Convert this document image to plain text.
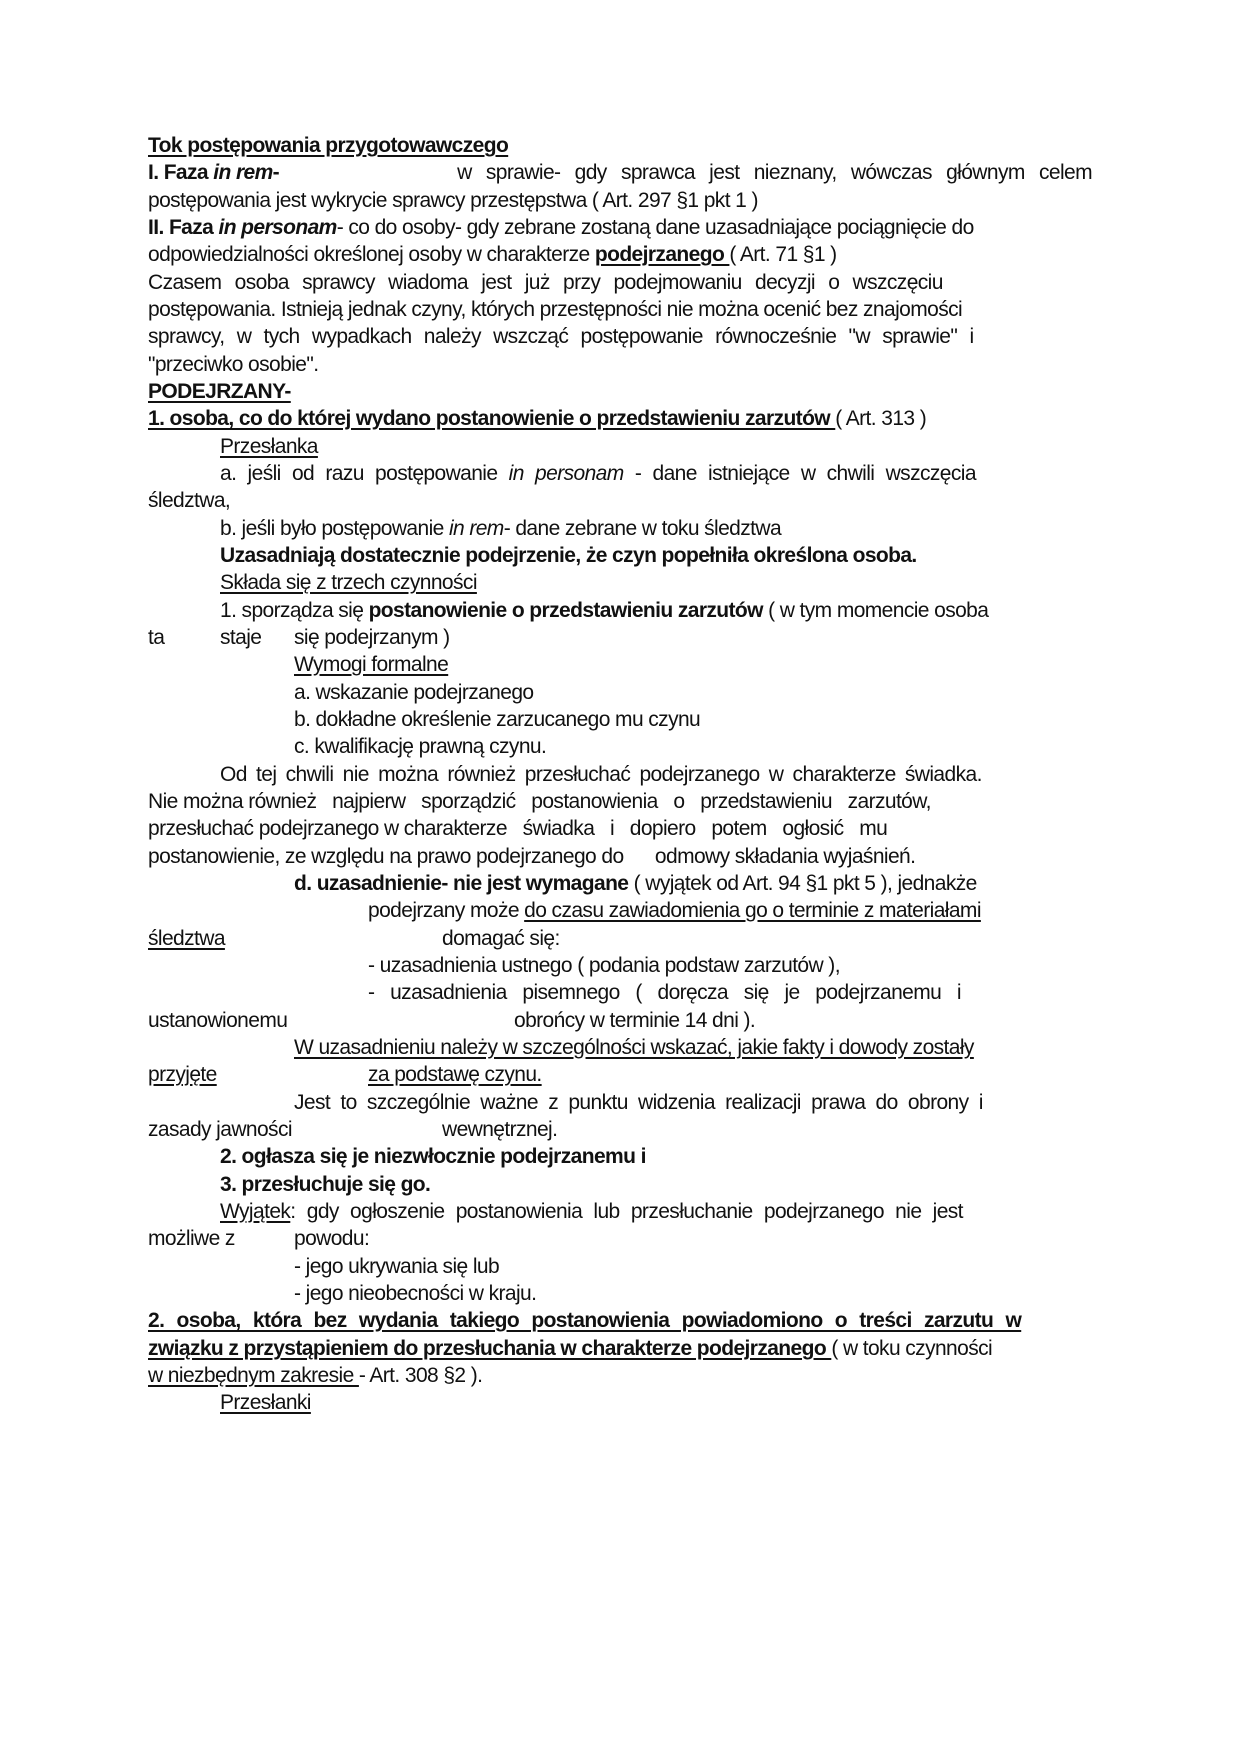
Tok postępowania przygotowawczego
I. Faza in rem-	w sprawie- gdy sprawca jest nieznany, wówczas głównym celem
postępowania jest wykrycie sprawcy przestępstwa ( Art. 297 §1 pkt 1 )
II. Faza in personam- co do osoby- gdy zebrane zostaną dane uzasadniające pociągnięcie do
odpowiedzialności określonej osoby w charakterze podejrzanego ( Art. 71 §1 )
Czasem osoba sprawcy wiadoma jest już przy podejmowaniu decyzji o wszczęciu
postępowania. Istnieją jednak czyny, których przestępności nie można ocenić bez znajomości
sprawcy, w tych wypadkach należy wszcząć postępowanie równocześnie "w sprawie" i
"przeciwko osobie".
PODEJRZANY-
1. osoba, co do której wydano postanowienie o przedstawieniu zarzutów ( Art. 313 )
Przesłanka
a. jeśli od razu postępowanie in personam - dane istniejące w chwili wszczęcia
śledztwa,
b. jeśli było postępowanie in rem- dane zebrane w toku śledztwa
Uzasadniają dostatecznie podejrzenie, że czyn popełniła określona osoba.
Składa się z trzech czynności
1. sporządza się postanowienie o przedstawieniu zarzutów ( w tym momencie osoba
ta	staje się podejrzanym )
Wymogi formalne
a. wskazanie podejrzanego
b. dokładne określenie zarzucanego mu czynu
c. kwalifikację prawną czynu.
Od tej chwili nie można również przesłuchać podejrzanego w charakterze świadka.
Nie można również   najpierw   sporządzić   postanowienia   o   przedstawieniu   zarzutów,
przesłuchać podejrzanego w charakterze   świadka   i   dopiero   potem   ogłosić   mu
postanowienie, ze względu na prawo podejrzanego do      odmowy składania wyjaśnień.
d. uzasadnienie- nie jest wymagane ( wyjątek od Art. 94 §1 pkt 5 ), jednakże
podejrzany może do czasu zawiadomienia go o terminie z materiałami
śledztwa	domagać się:
- uzasadnienia ustnego ( podania podstaw zarzutów ),
-   uzasadnienia   pisemnego   (   doręcza   się   je   podejrzanemu   i
ustanowionemu	obrońcy w terminie 14 dni ).
W uzasadnieniu należy w szczególności wskazać, jakie fakty i dowody zostały
przyjęte	za podstawę czynu.
Jest to szczególnie ważne z punktu widzenia realizacji prawa do obrony i
zasady jawności	wewnętrznej.
2. ogłasza się je niezwłocznie podejrzanemu i
3. przesłuchuje się go.
Wyjątek: gdy ogłoszenie postanowienia lub przesłuchanie podejrzanego nie jest
możliwe z	powodu:
- jego ukrywania się lub
- jego nieobecności w kraju.
2. osoba, która bez wydania takiego postanowienia powiadomiono o treści zarzutu w
związku z przystąpieniem do przesłuchania w charakterze podejrzanego ( w toku czynności
w niezbędnym zakresie - Art. 308 §2 ).
Przesłanki
